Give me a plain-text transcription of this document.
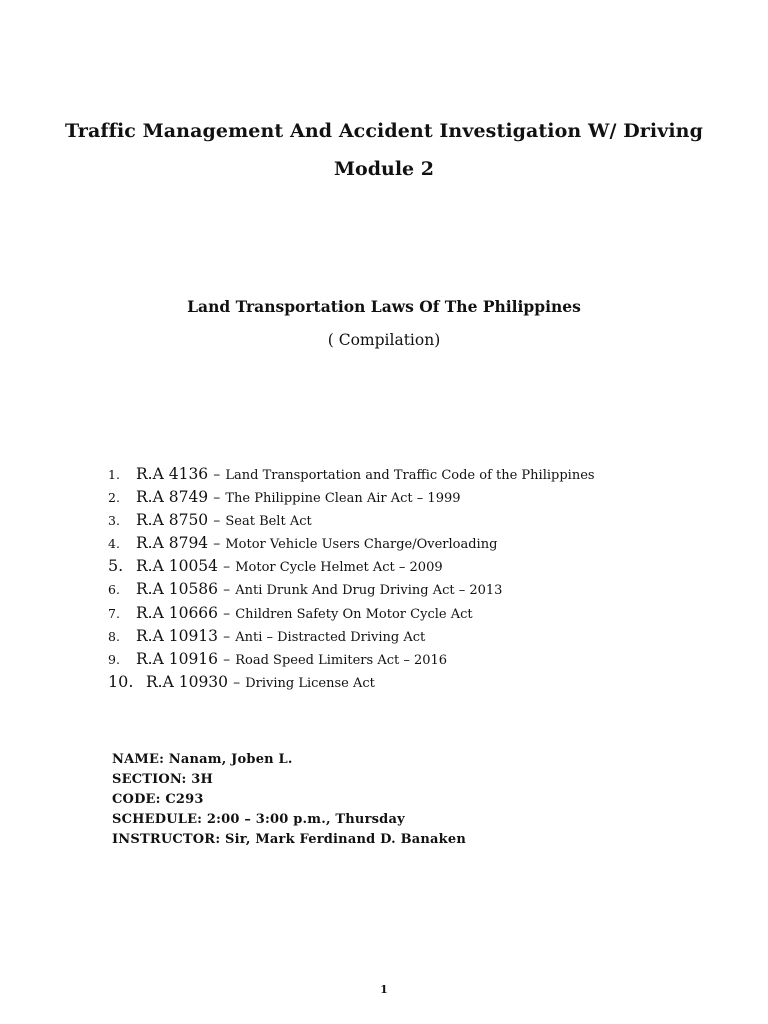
Traffic Management And Accident Investigation W/ Driving
Module 2
Land Transportation Laws Of The Philippines
( Compilation)
1. R.A 4136 – Land Transportation and Traffic Code of the Philippines
2. R.A 8749 – The Philippine Clean Air Act – 1999
3. R.A 8750 – Seat Belt Act
4. R.A 8794 – Motor Vehicle Users Charge/Overloading
5. R.A 10054 – Motor Cycle Helmet Act – 2009
6. R.A 10586 – Anti Drunk And Drug Driving Act – 2013
7. R.A 10666 – Children Safety On Motor Cycle Act
8. R.A 10913 – Anti – Distracted Driving Act
9. R.A 10916 – Road Speed Limiters Act – 2016
10. R.A 10930 – Driving License Act
NAME: Nanam, Joben L.
SECTION: 3H
CODE: C293
SCHEDULE: 2:00 – 3:00 p.m., Thursday
INSTRUCTOR: Sir, Mark Ferdinand D. Banaken
1
